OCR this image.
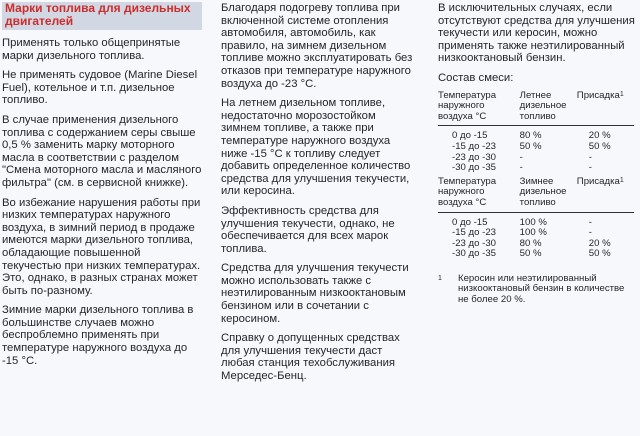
Марки топлива для дизельных двигателей

Применять только общепринятые марки дизельного топлива.

Не применять судовое (Marine Diesel Fuel), котельное и т.п. дизельное топливо.

В случае применения дизельного топлива с содержанием серы свыше 0,5 % заменить марку моторного масла в соответствии с разделом "Смена моторного масла и масляного фильтра" (см. в сервисной книжке).

Во избежание нарушения работы при низких температурах наружного воздуха, в зимний период в продаже имеются марки дизельного топлива, обладающие повышенной текучестью при низких температурах. Это, однако, в разных странах может быть по-разному.

Зимние марки дизельного топлива в большинстве случаев можно беспроблемно применять при температуре наружного воздуха до -15 °С.

Благодаря подогреву топлива при включенной системе отопления автомобиля, автомобиль, как правило, на зимнем дизельном топливе можно эксплуатировать без отказов при температуре наружного воздуха до -23 °С.

На летнем дизельном топливе, недостаточно морозостойком зимнем топливе, а также при температуре наружного воздуха ниже -15 °С к топливу следует добавить определенное количество средства для улучшения текучести, или керосина.

Эффективность средства для улучшения текучести, однако, не обеспечивается для всех марок топлива.

Средства для улучшения текучести можно использовать также с неэтилированным низкооктановым бензином или в сочетании с керосином.

Справку о допущенных средствах для улучшения текучести даст любая станция техобслуживания Мерседес-Бенц.

В исключительных случаях, если отсутствуют средства для улучшения текучести или керосин, можно применять также неэтилированный низкооктановый бензин.

Состав смеси:

Температура
наружного
воздуха °С	Летнее
дизельное
топливо	Присадка$^1$

0 до -15	80 %	20 %
-15 до -23	50 %	50 %
-23 до -30	-	-
-30 до -35	-	-
Температура
наружного
воздуха °С	Зимнее
дизельное
топливо	Присадка$^1$

0 до -15	100 %	-
-15 до -23	100 %	-
-23 до -30	80 %	20 %
-30 до -35	50 %	50 %
1	Керосин или неэтилированный низкооктановый бензин в количестве не более 20 %.
